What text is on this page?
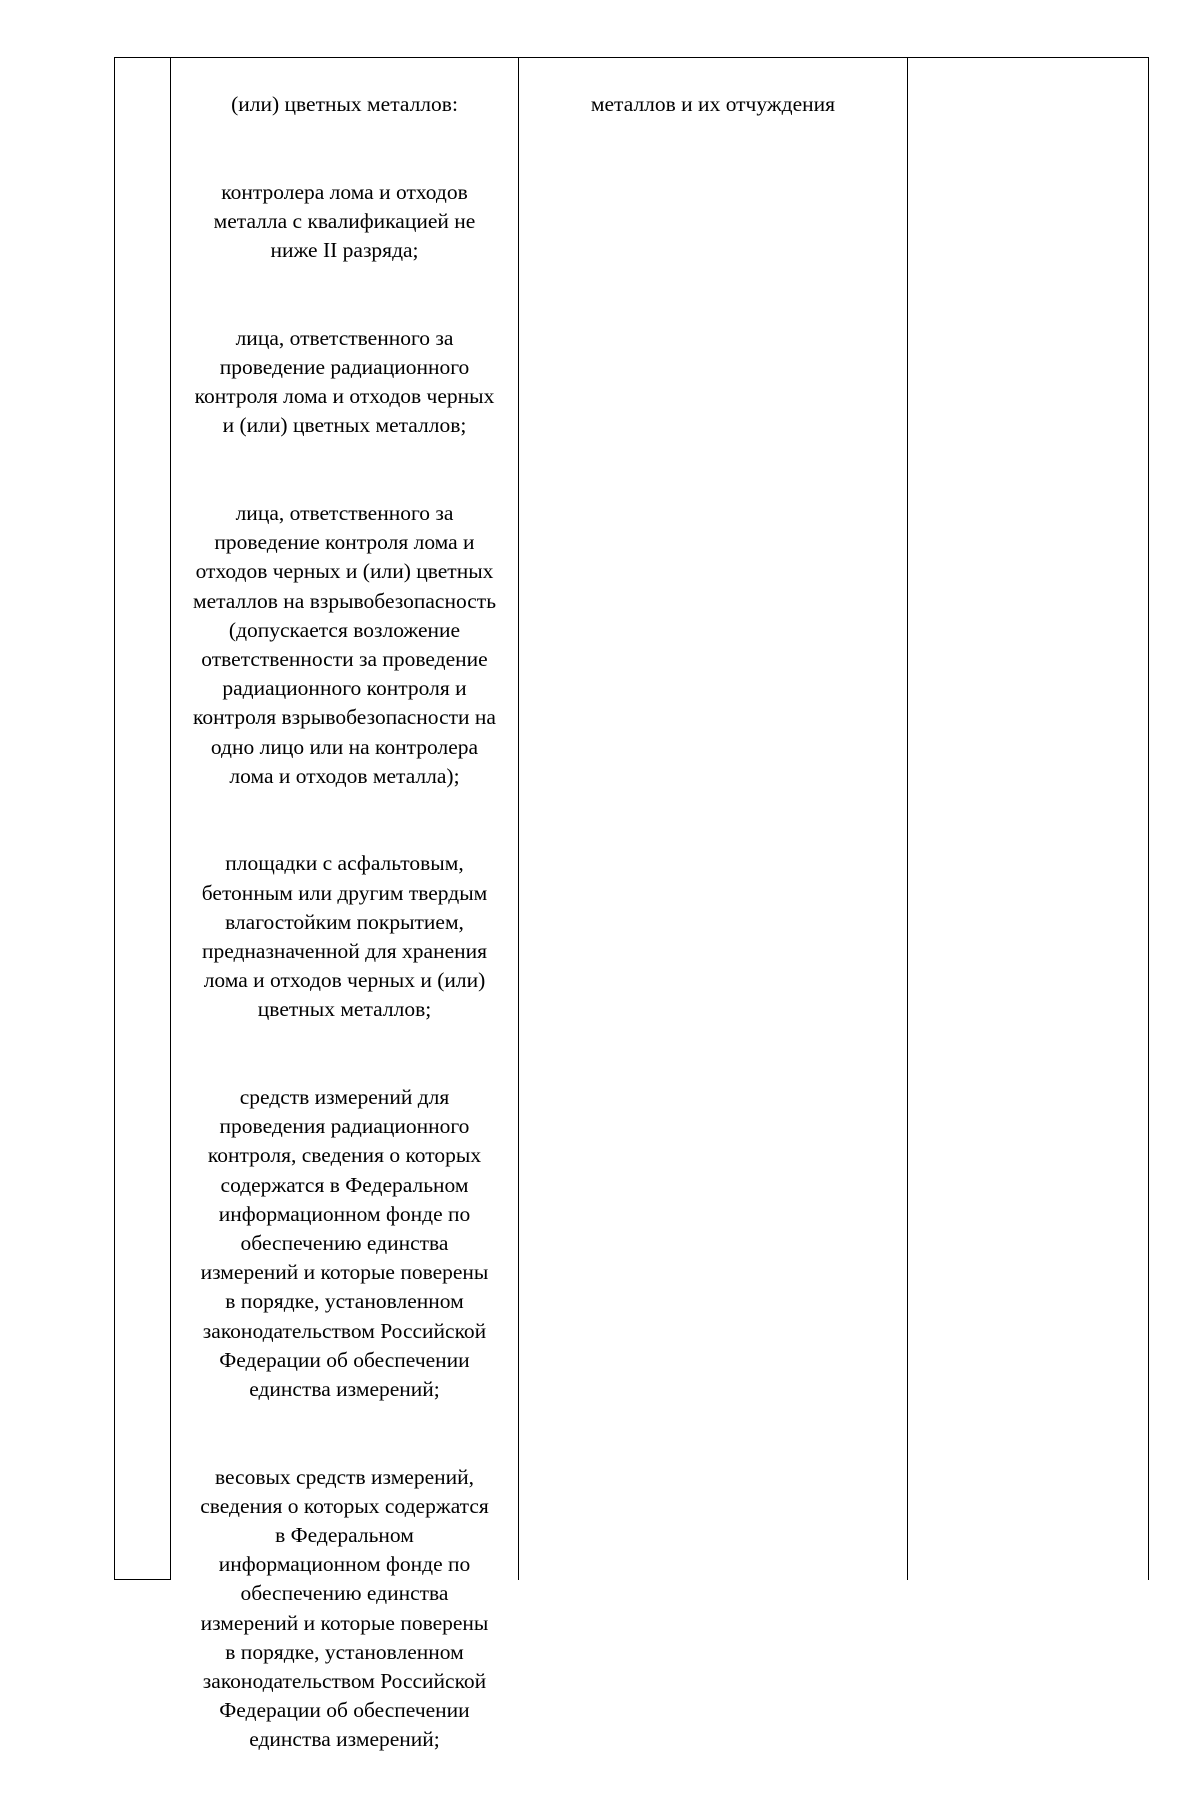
(или) цветных металлов:

контролера лома и отходов
металла с квалификацией не
ниже II разряда;

лица, ответственного за
проведение радиационного
контроля лома и отходов черных
и (или) цветных металлов;

лица, ответственного за
проведение контроля лома и
отходов черных и (или) цветных
металлов на взрывобезопасность
(допускается возложение
ответственности за проведение
радиационного контроля и
контроля взрывобезопасности на
одно лицо или на контролера
лома и отходов металла);

площадки с асфальтовым,
бетонным или другим твердым
влагостойким покрытием,
предназначенной для хранения
лома и отходов черных и (или)
цветных металлов;

средств измерений для
проведения радиационного
контроля, сведения о которых
содержатся в Федеральном
информационном фонде по
обеспечению единства
измерений и которые поверены
в порядке, установленном
законодательством Российской
Федерации об обеспечении
единства измерений;

весовых средств измерений,
сведения о которых содержатся
в Федеральном
информационном фонде по
обеспечению единства
измерений и которые поверены
в порядке, установленном
законодательством Российской
Федерации об обеспечении
единства измерений;

металлов и их отчуждения
